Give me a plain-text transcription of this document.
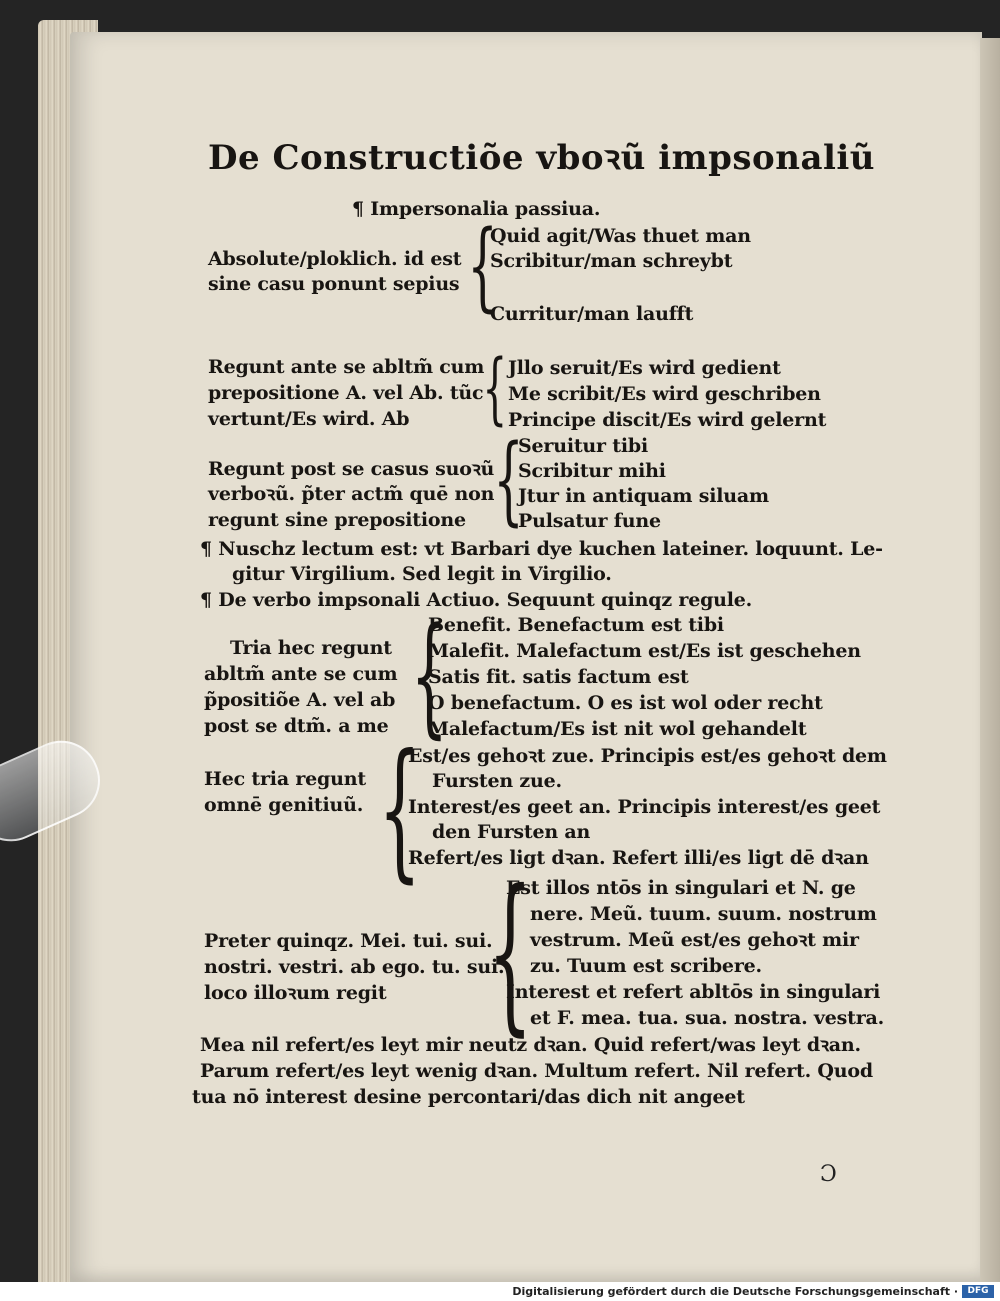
De Constructiõe vboꝛũ impsonaliũ
¶ Impersonalia passiua.
Absolute/ploklich. id est
sine casu ponunt sepius {
Quid agit/Was thuet man
Scribitur/man schreybt
Curritur/man laufft
Regunt ante se abltm̃ cum
prepositione A. vel Ab. tũc
vertunt/Es wird. Ab { Jllo seruit/Es wird gedient
Me scribit/Es wird geschriben
Principe discit/Es wird gelernt
Regunt post se casus suoꝛũ
verboꝛũ. p̃ter actm̃ quē non
regunt sine prepositione {
Seruitur tibi
Scribitur mihi
Jtur in antiquam siluam
Pulsatur fune
¶ Nuschz lectum est: vt Barbari dye kuchen lateiner. loquunt. Le-
gitur Virgilium. Sed legit in Virgilio.
¶ De verbo impsonali Actiuo. Sequunt quinqz regule.
Tria hec regunt
abltm̃ ante se cum
p̃positiõe A. vel ab
post se dtm̃. a me {
Benefit. Benefactum est tibi
Malefit. Malefactum est/Es ist geschehen
Satis fit. satis factum est
O benefactum. O es ist wol oder recht
Malefactum/Es ist nit wol gehandelt
Hec tria regunt
omnē genitiuũ. {
Est/es gehoꝛt zue. Principis est/es gehoꝛt dem
Fursten zue.
Interest/es geet an. Principis interest/es geet
den Fursten an
Refert/es ligt dꝛan. Refert illi/es ligt dē dꝛan
Preter quinqz. Mei. tui. sui.
nostri. vestri. ab ego. tu. sui.
loco illoꝛum regit {
Est illos ntōs in singulari et N. ge
nere. Meũ. tuum. suum. nostrum
vestrum. Meũ est/es gehoꝛt mir
zu. Tuum est scribere.
Interest et refert abltōs in singulari
et F. mea. tua. sua. nostra. vestra.
Mea nil refert/es leyt mir neutz dꝛan. Quid refert/was leyt dꝛan.
Parum refert/es leyt wenig dꝛan. Multum refert. Nil refert. Quod
tua nō interest desine percontari/das dich nit angeet
Ɔ
Digitalisierung gefördert durch die Deutsche Forschungsgemeinschaft ·	DFG
